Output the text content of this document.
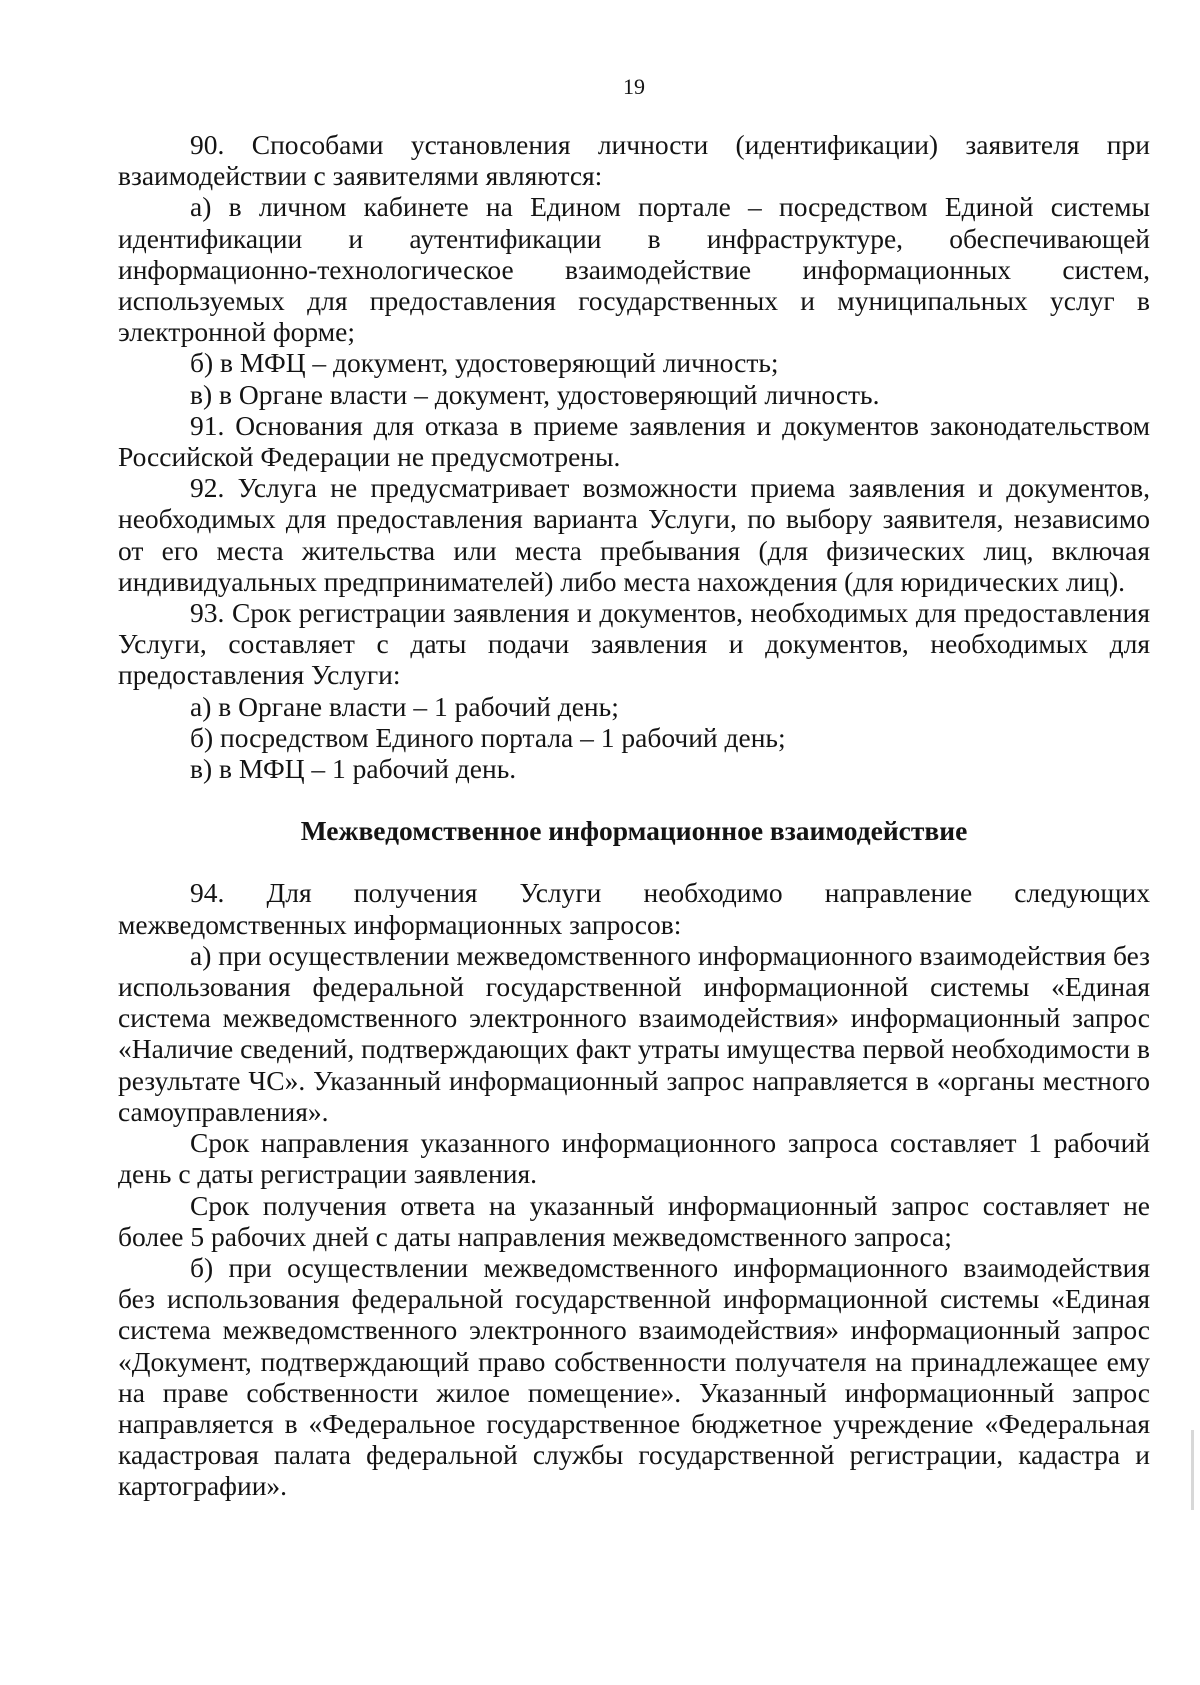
19

90. Способами установления личности (идентификации) заявителя при взаимодействии с заявителями являются:

а) в личном кабинете на Едином портале – посредством Единой системы идентификации и аутентификации в инфраструктуре, обеспечивающей информационно-технологическое взаимодействие информационных систем, используемых для предоставления государственных и муниципальных услуг в электронной форме;

б) в МФЦ – документ, удостоверяющий личность;

в) в Органе власти – документ, удостоверяющий личность.

91. Основания для отказа в приеме заявления и документов законодательством Российской Федерации не предусмотрены.

92. Услуга не предусматривает возможности приема заявления и документов, необходимых для предоставления варианта Услуги, по выбору заявителя, независимо от его места жительства или места пребывания (для физических лиц, включая индивидуальных предпринимателей) либо места нахождения (для юридических лиц).

93. Срок регистрации заявления и документов, необходимых для предоставления Услуги, составляет с даты подачи заявления и документов, необходимых для предоставления Услуги:

а) в Органе власти – 1 рабочий день;

б) посредством Единого портала – 1 рабочий день;

в) в МФЦ – 1 рабочий день.

Межведомственное информационное взаимодействие

94. Для получения Услуги необходимо направление следующих межведомственных информационных запросов:

а) при осуществлении межведомственного информационного взаимодействия без использования федеральной государственной информационной системы «Единая система межведомственного электронного взаимодействия» информационный запрос «Наличие сведений, подтверждающих факт утраты имущества первой необходимости в результате ЧС». Указанный информационный запрос направляется в «органы местного самоуправления».

Срок направления указанного информационного запроса составляет 1 рабочий день с даты регистрации заявления.

Срок получения ответа на указанный информационный запрос составляет не более 5 рабочих дней с даты направления межведомственного запроса;

б) при осуществлении межведомственного информационного взаимодействия без использования федеральной государственной информационной системы «Единая система межведомственного электронного взаимодействия» информационный запрос «Документ, подтверждающий право собственности получателя на принадлежащее ему на праве собственности жилое помещение». Указанный информационный запрос направляется в «Федеральное государственное бюджетное учреждение «Федеральная кадастровая палата федеральной службы государственной регистрации, кадастра и картографии».
